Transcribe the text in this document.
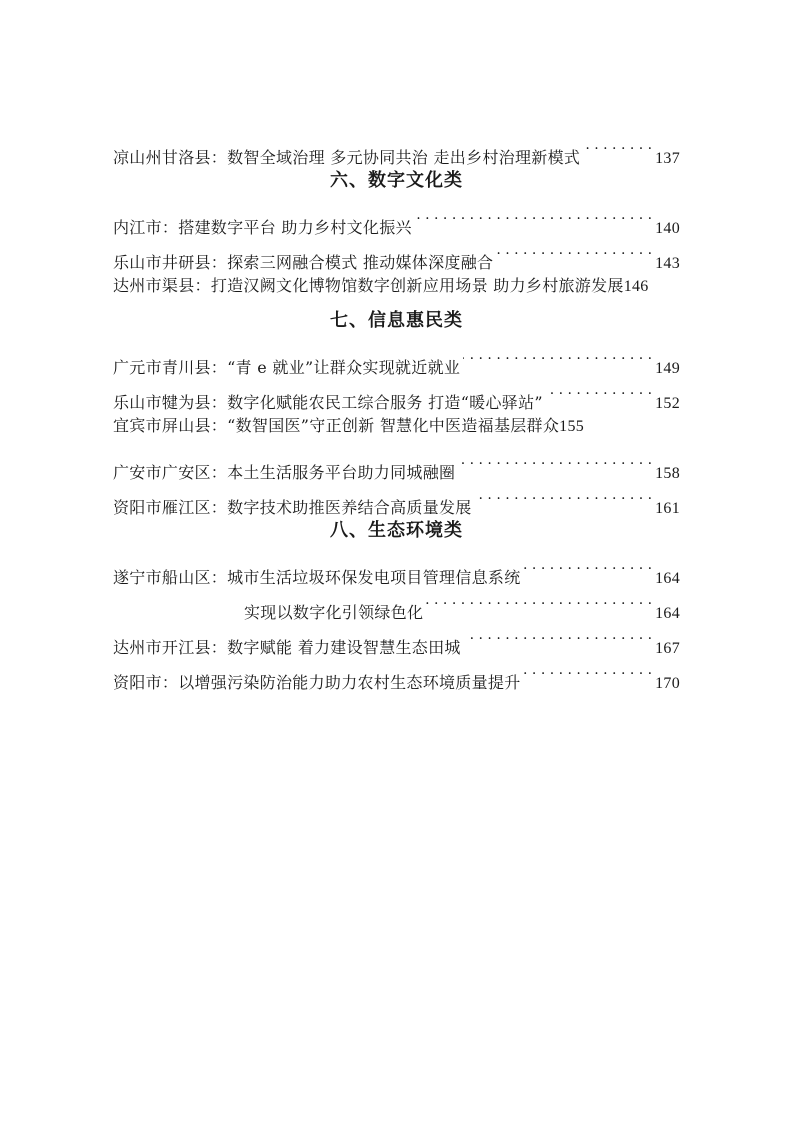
凉山州甘洛县： 数智全域治理 多元协同共治 走出乡村治理新模式 . . .	137
六、数字文化类
内江市： 搭建数字平台 助力乡村文化振兴 . . .	140
乐山市井研县： 探索三网融合模式 推动媒体深度融合 . . .	143
达州市渠县： 打造汉阙文化博物馆数字创新应用场景 助力乡村旅游发展 146
七、信息惠民类
广元市青川县： “青 e 就业”让群众实现就近就业 . . .	149
乐山市犍为县： 数字化赋能农民工综合服务 打造“暖心驿站” . . .	152
宜宾市屏山县： “数智国医”守正创新 智慧化中医造福基层群众 155
广安市广安区： 本土生活服务平台助力同城融圈 . . .	158
资阳市雁江区： 数字技术助推医养结合高质量发展 . . .	161
八、生态环境类
遂宁市船山区： 城市生活垃圾环保发电项目管理信息系统 . . .	164
实现以数字化引领绿色化 . . .	164
达州市开江县： 数字赋能 着力建设智慧生态田城 . . .	167
资阳市： 以增强污染防治能力助力农村生态环境质量提升 . . .	170
